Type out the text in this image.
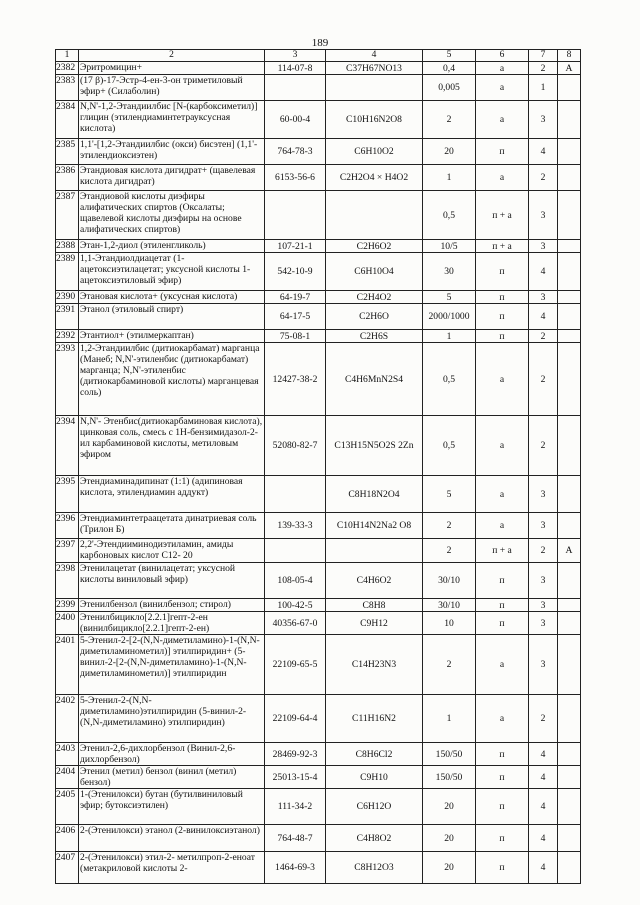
189
1	2	3	4	5	6	7	8
2382	Эритромицин+	114-07-8	C37H67NO13	0,4	a	2	A
2383	(17 β)-17-Эстр-4-ен-3-он триметиловый эфир+ (Силаболин)			0,005	a	1	
2384	N,N'-1,2-Этандиилбис [N-(карбоксиметил)] глицин (этилендиаминтетрауксусная кислота)	60-00-4	C10H16N2O8	2	a	3	
2385	1,1'-[1,2-Этандиилбис (окси) бисэтен] (1,1'-этилендиоксиэтен)	764-78-3	C6H10O2	20	п	4	
2386	Этандиовая кислота дигидрат+ (щавелевая кислота дигидрат)	6153-56-6	C2H2O4 × H4O2	1	a	2	
2387	Этандиовой кислоты диэфиры алифатических спиртов (Оксалаты; щавелевой кислоты диэфиры на основе алифатических спиртов)			0,5	п + а	3	
2388	Этан-1,2-диол (этиленгликоль)	107-21-1	C2H6O2	10/5	п + а	3	
2389	1,1-Этандиолдиацетат (1-ацетоксиэтилацетат; уксусной кислоты 1-ацетоксиэтиловый эфир)	542-10-9	C6H10O4	30	п	4	
2390	Этановая кислота+ (уксусная кислота)	64-19-7	C2H4O2	5	п	3	
2391	Этанол (этиловый спирт)	64-17-5	C2H6O	2000/1000	п	4	
2392	Этантиол+ (этилмеркаптан)	75-08-1	C2H6S	1	п	2	
2393	1,2-Этандиилбис (дитиокарбамат) марганца (Манеб; N,N'-этиленбис (дитиокарбамат) марганца; N,N'-этиленбис (дитиокарбаминовой кислоты) марганцевая соль)	12427-38-2	C4H6MnN2S4	0,5	a	2	
2394	N,N'- Этенбис(дитиокарбаминовая кислота), цинковая соль, смесь с 1Н-бензимидазол-2-ил карбаминовой кислоты, метиловым эфиром	52080-82-7	C13H15N5O2S 2Zn	0,5	a	2	
2395	Этендиаминадипинат (1:1) (адипиновая кислота, этилендиамин аддукт)		C8H18N2O4	5	a	3	
2396	Этендиаминтетраацетата динатриевая соль (Трилон Б)	139-33-3	C10H14N2Na2 O8	2	a	3	
2397	2,2'-Этендииминодиэтиламин, амиды карбоновых кислот С12- 20			2	п + а	2	A
2398	Этенилацетат (винилацетат; уксусной кислоты виниловый эфир)	108-05-4	C4H6O2	30/10	п	3	
2399	Этенилбензол (винилбензол; стирол)	100-42-5	C8H8	30/10	п	3	
2400	Этенилбицикло[2.2.1]гепт-2-ен (винилбицикло[2.2.1]гепт-2-ен)	40356-67-0	C9H12	10	п	3	
2401	5-Этенил-2-[2-(N,N-диметиламино)-1-(N,N-диметиламинометил)] этилпиридин+ (5-винил-2-[2-(N,N-диметиламино)-1-(N,N-диметиламинометил)] этилпиридин	22109-65-5	C14H23N3	2	a	3	
2402	5-Этенил-2-(N,N-диметиламино)этилпиридин (5-винил-2-(N,N-диметиламино) этилпиридин)	22109-64-4	C11H16N2	1	a	2	
2403	Этенил-2,6-дихлорбензол (Винил-2,6-дихлорбензол)	28469-92-3	C8H6Cl2	150/50	п	4	
2404	Этенил (метил) бензол (винил (метил) бензол)	25013-15-4	C9H10	150/50	п	4	
2405	1-(Этенилокси) бутан (бутилвиниловый эфир; бутоксиэтилен)	111-34-2	C6H12O	20	п	4	
2406	2-(Этенилокси) этанол (2-винилоксиэтанол)	764-48-7	C4H8O2	20	п	4	
2407	2-(Этенилокси) этил-2- метилпроп-2-еноат (метакриловой кислоты 2-	1464-69-3	C8H12O3	20	п	4	
